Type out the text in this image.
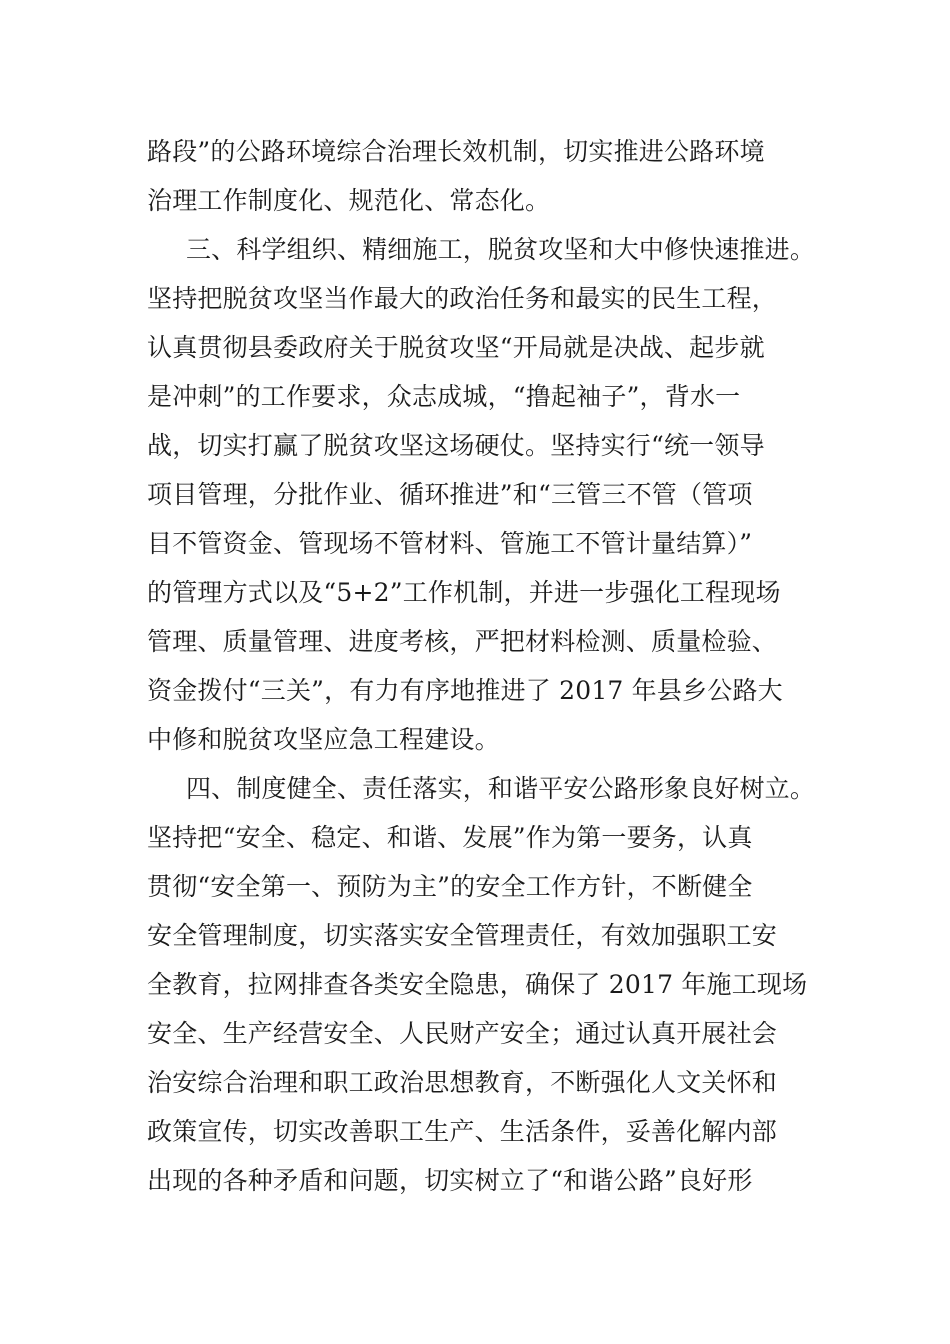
路段”的公路环境综合治理长效机制，切实推进公路环境

治理工作制度化、规范化、常态化。

三、科学组织、精细施工，脱贫攻坚和大中修快速推进。

坚持把脱贫攻坚当作最大的政治任务和最实的民生工程，

认真贯彻县委政府关于脱贫攻坚“开局就是决战、起步就

是冲刺”的工作要求，众志成城，“撸起袖子”，背水一

战，切实打赢了脱贫攻坚这场硬仗。坚持实行“统一领导

项目管理，分批作业、循环推进”和“三管三不管（管项

目不管资金、管现场不管材料、管施工不管计量结算）”

的管理方式以及“5+2”工作机制，并进一步强化工程现场

管理、质量管理、进度考核，严把材料检测、质量检验、

资金拨付“三关”，有力有序地推进了 2017 年县乡公路大

中修和脱贫攻坚应急工程建设。

四、制度健全、责任落实，和谐平安公路形象良好树立。

坚持把“安全、稳定、和谐、发展”作为第一要务，认真

贯彻“安全第一、预防为主”的安全工作方针，不断健全

安全管理制度，切实落实安全管理责任，有效加强职工安

全教育，拉网排查各类安全隐患，确保了 2017 年施工现场

安全、生产经营安全、人民财产安全；通过认真开展社会

治安综合治理和职工政治思想教育，不断强化人文关怀和

政策宣传，切实改善职工生产、生活条件，妥善化解内部

出现的各种矛盾和问题，切实树立了“和谐公路”良好形
